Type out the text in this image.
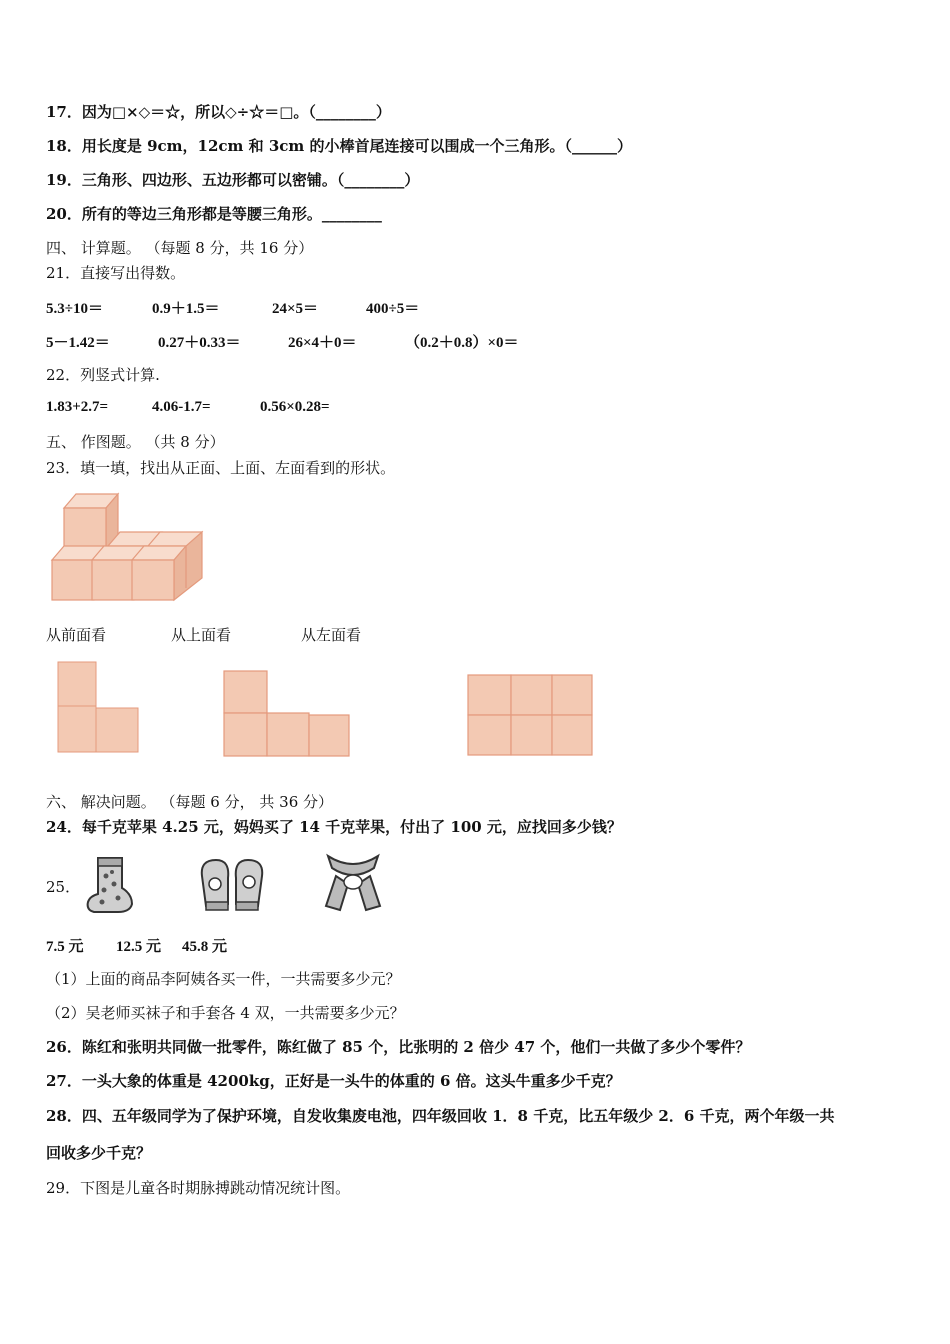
17．因为□×◇＝☆，所以◇÷☆＝□。（________）
18．用长度是 9cm，12cm 和 3cm 的小棒首尾连接可以围成一个三角形。（______）
19．三角形、四边形、五边形都可以密铺。（________）
20．所有的等边三角形都是等腰三角形。________
四、 计算题。 （每题 8 分，共 16 分）
21．直接写出得数。
5.3÷10＝	0.9＋1.5＝	24×5＝	400÷5＝
5－1.42＝	0.27＋0.33＝	26×4＋0＝	（0.2＋0.8）×0＝
22．列竖式计算.
1.83+2.7=	4.06-1.7=	0.56×0.28=
五、 作图题。 （共 8 分）
23．填一填，找出从正面、上面、左面看到的形状。
从前面看	从上面看	从左面看
六、 解决问题。 （每题 6 分， 共 36 分）
24．每千克苹果 4.25 元，妈妈买了 14 千克苹果，付出了 100 元，应找回多少钱？
25．
7.5 元 12.5 元 45.8 元
（1）上面的商品李阿姨各买一件，一共需要多少元？
（2）吴老师买袜子和手套各 4 双，一共需要多少元？
26．陈红和张明共同做一批零件，陈红做了 85 个，比张明的 2 倍少 47 个，他们一共做了多少个零件？
27．一头大象的体重是 4200kg，正好是一头牛的体重的 6 倍。这头牛重多少千克？
28．四、五年级同学为了保护环境，自发收集废电池，四年级回收 1．8 千克，比五年级少 2．6 千克，两个年级一共
回收多少千克？
29．下图是儿童各时期脉搏跳动情况统计图。
